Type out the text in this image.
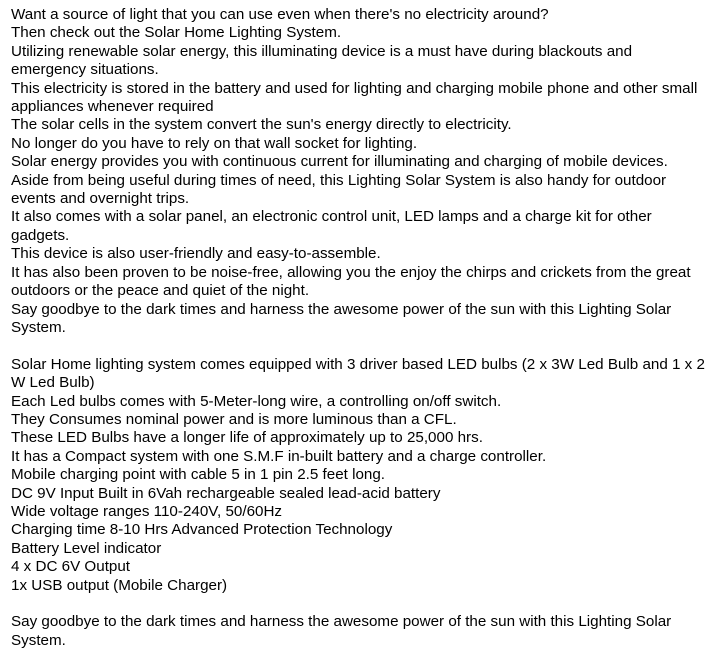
Want a source of light that you can use even when there's no electricity around?

Then check out the Solar Home Lighting System.

Utilizing renewable solar energy, this illuminating device is a must have during blackouts and emergency situations.

This electricity is stored in the battery and used for lighting and charging mobile phone and other small appliances whenever required

The solar cells in the system convert the sun's energy directly to electricity.

No longer do you have to rely on that wall socket for lighting.

Solar energy provides you with continuous current for illuminating and charging of mobile devices.

Aside from being useful during times of need, this Lighting Solar System is also handy for outdoor events and overnight trips.

It also comes with a solar panel, an electronic control unit, LED lamps and a charge kit for other gadgets.

This device is also user-friendly and easy-to-assemble.

It has also been proven to be noise-free, allowing you the enjoy the chirps and crickets from the great outdoors or the peace and quiet of the night.

Say goodbye to the dark times and harness the awesome power of the sun with this Lighting Solar System.

Solar Home lighting system comes equipped with 3 driver based LED bulbs (2 x 3W Led Bulb and 1 x 2 W Led Bulb)

Each Led bulbs comes with 5-Meter-long wire, a controlling on/off switch.

They Consumes nominal power and is more luminous than a CFL.

These LED Bulbs have a longer life of approximately up to 25,000 hrs.

It has a Compact system with one S.M.F in-built battery and a charge controller.

Mobile charging point with cable 5 in 1 pin 2.5 feet long.

DC 9V Input Built in 6Vah rechargeable sealed lead-acid battery

Wide voltage ranges 110-240V, 50/60Hz

Charging time 8-10 Hrs Advanced Protection Technology

Battery Level indicator

4 x DC 6V Output

1x USB output (Mobile Charger)

Say goodbye to the dark times and harness the awesome power of the sun with this Lighting Solar System.
